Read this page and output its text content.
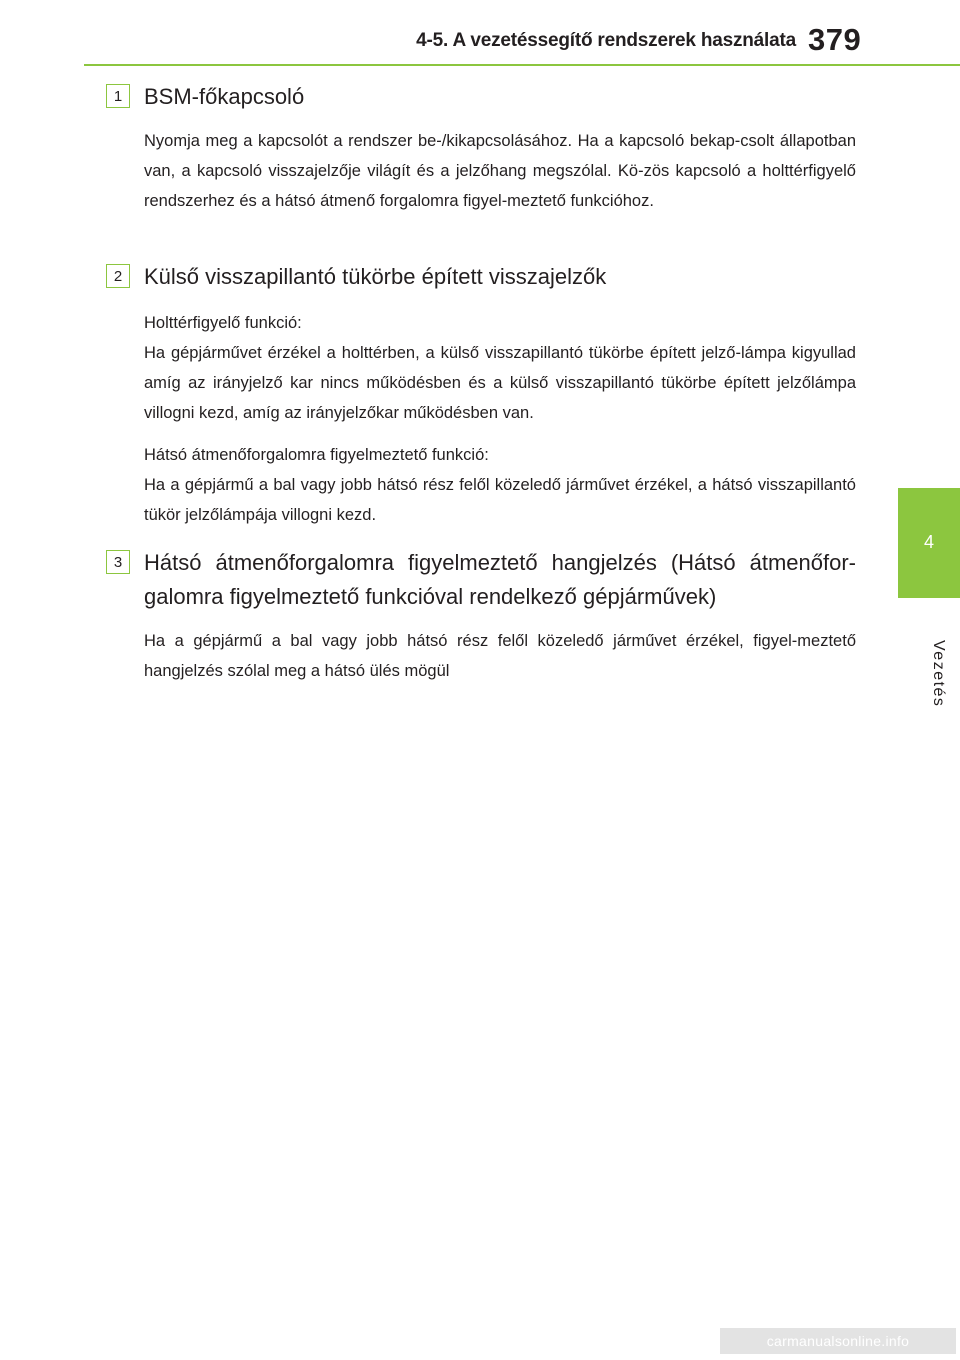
4-5. A vezetéssegítő rendszerek használata 379
4
Vezetés
1 BSM-főkapcsoló
Nyomja meg a kapcsolót a rendszer be-/kikapcsolásához. Ha a kapcsoló bekap-csolt állapotban van, a kapcsoló visszajelzője világít és a jelzőhang megszólal. Kö-zös kapcsoló a holttérfigyelő rendszerhez és a hátsó átmenő forgalomra figyel-meztető funkcióhoz.
2 Külső visszapillantó tükörbe épített visszajelzők
Holttérfigyelő funkció:
Ha gépjárművet érzékel a holttérben, a külső visszapillantó tükörbe épített jelző-lámpa kigyullad amíg az irányjelző kar nincs működésben és a külső visszapillantó tükörbe épített jelzőlámpa villogni kezd, amíg az irányjelzőkar működésben van.
Hátsó átmenőforgalomra figyelmeztető funkció:
Ha a gépjármű a bal vagy jobb hátsó rész felől közeledő járművet érzékel, a hátsó visszapillantó tükör jelzőlámpája villogni kezd.
3 Hátsó átmenőforgalomra figyelmeztető hangjelzés (Hátsó átmenőfor-galomra figyelmeztető funkcióval rendelkező gépjárművek)
Ha a gépjármű a bal vagy jobb hátsó rész felől közeledő járművet érzékel, figyel-meztető hangjelzés szólal meg a hátsó ülés mögül
carmanualsonline.info
